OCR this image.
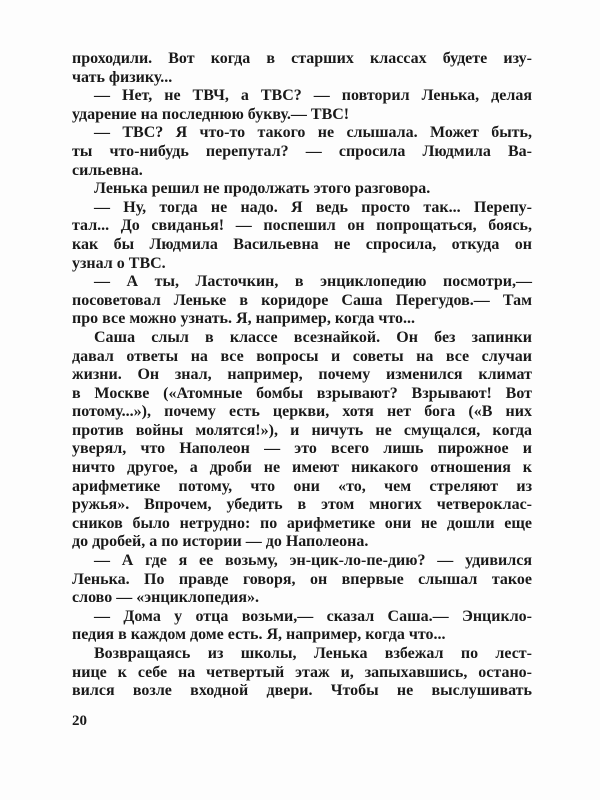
проходили. Вот когда в старших классах будете изу-
чать физику...
— Нет, не ТВЧ, а ТВС? — повторил Ленька, делая
ударение на последнюю букву.— ТВС!
— ТВС? Я что-то такого не слышала. Может быть,
ты что-нибудь перепутал? — спросила Людмила Ва-
сильевна.
Ленька решил не продолжать этого разговора.
— Ну, тогда не надо. Я ведь просто так... Перепу-
тал... До свиданья! — поспешил он попрощаться, боясь,
как бы Людмила Васильевна не спросила, откуда он
узнал о ТВС.
— А ты, Ласточкин, в энциклопедию посмотри,—
посоветовал Леньке в коридоре Саша Перегудов.— Там
про все можно узнать. Я, например, когда что...
Саша слыл в классе всезнайкой. Он без запинки
давал ответы на все вопросы и советы на все случаи
жизни. Он знал, например, почему изменился климат
в Москве («Атомные бомбы взрывают? Взрывают! Вот
потому...»), почему есть церкви, хотя нет бога («В них
против войны молятся!»), и ничуть не смущался, когда
уверял, что Наполеон — это всего лишь пирожное и
ничто другое, а дроби не имеют никакого отношения к
арифметике потому, что они «то, чем стреляют из
ружья». Впрочем, убедить в этом многих четвероклас-
сников было нетрудно: по арифметике они не дошли еще
до дробей, а по истории — до Наполеона.
— А где я ее возьму, эн-цик-ло-пе-дию? — удивился
Ленька. По правде говоря, он впервые слышал такое
слово — «энциклопедия».
— Дома у отца возьми,— сказал Саша.— Энцикло-
педия в каждом доме есть. Я, например, когда что...
Возвращаясь из школы, Ленька взбежал по лест-
нице к себе на четвертый этаж и, запыхавшись, остано-
вился возле входной двери. Чтобы не выслушивать
20
